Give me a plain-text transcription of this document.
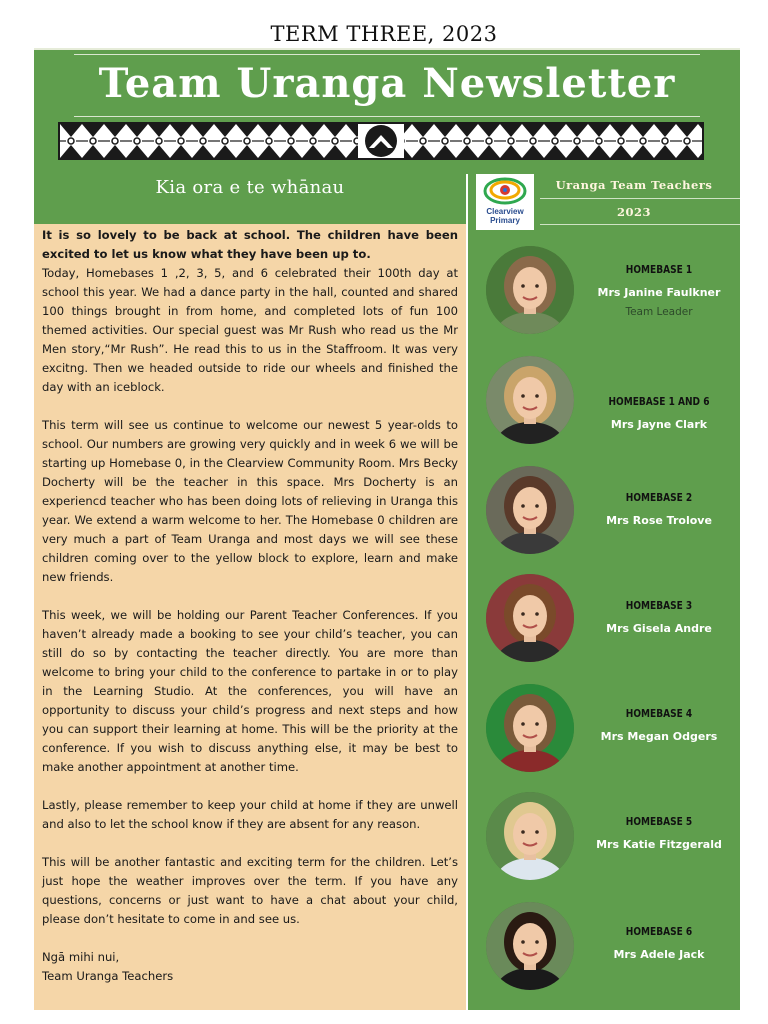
TERM THREE, 2023
Team Uranga Newsletter
Kia ora e te whānau
It is so lovely to be back at school. The children have been excited to let us know what they have been up to.

Today, Homebases 1 ,2, 3, 5, and 6 celebrated their 100th day at school this year. We had a dance party in the hall, counted and shared 100 things brought in from home, and completed lots of fun 100 themed activities. Our special guest was Mr Rush who read us the Mr Men story,“Mr Rush”. He read this to us in the Staffroom. It was very excitng. Then we headed outside to ride our wheels and finished the day with an iceblock.

This term will see us continue to welcome our newest 5 year-olds to school. Our numbers are growing very quickly and in week 6 we will be starting up Homebase 0, in the Clearview Community Room. Mrs Becky Docherty will be the teacher in this space. Mrs Docherty is an experiencd teacher who has been doing lots of relieving in Uranga this year. We extend a warm welcome to her. The Homebase 0 children are very much a part of Team Uranga and most days we will see these children coming over to the yellow block to explore, learn and make new friends.

This week, we will be holding our Parent Teacher Conferences. If you haven’t already made a booking to see your child’s teacher, you can still do so by contacting the teacher directly. You are more than welcome to bring your child to the conference to partake in or to play in the Learning Studio. At the conferences, you will have an opportunity to discuss your child’s progress and next steps and how you can support their learning at home. This will be the priority at the conference. If you wish to discuss anything else, it may be best to make another appointment at another time.

Lastly, please remember to keep your child at home if they are unwell and also to let the school know if they are absent for any reason.

This will be another fantastic and exciting term for the children. Let’s just hope the weather improves over the term. If you have any questions, concerns or just want to have a chat about your child, please don’t hesitate to come in and see us.

Ngā mihi nui,
Team Uranga Teachers
Clearview
Primary
Uranga Team Teachers
2023
HOMEBASE 1
Mrs Janine Faulkner
Team Leader
HOMEBASE 1 AND 6
Mrs Jayne Clark
HOMEBASE 2
Mrs Rose Trolove
HOMEBASE 3
Mrs Gisela Andre
HOMEBASE 4
Mrs Megan Odgers
HOMEBASE 5
Mrs Katie Fitzgerald
HOMEBASE 6
Mrs Adele Jack
